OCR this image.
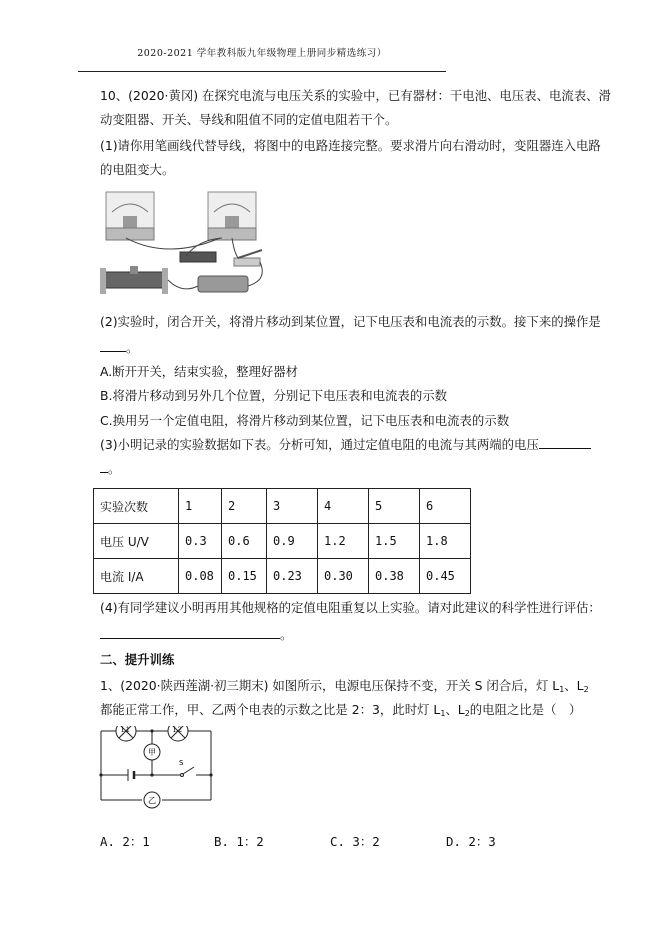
2020-2021 学年教科版九年级物理上册同步精选练习）
10、(2020·黄冈) 在探究电流与电压关系的实验中，已有器材：干电池、电压表、电流表、滑
动变阻器、开关、导线和阻值不同的定值电阻若干个。
(1)请你用笔画线代替导线，将图中的电路连接完整。要求滑片向右滑动时，变阻器连入电路
的电阻变大。
(2)实验时，闭合开关，将滑片移动到某位置，记下电压表和电流表的示数。接下来的操作是
。
A.断开开关，结束实验，整理好器材
B.将滑片移动到另外几个位置，分别记下电压表和电流表的示数
C.换用另一个定值电阻，将滑片移动到某位置，记下电压表和电流表的示数
(3)小明记录的实验数据如下表。分析可知，通过定值电阻的电流与其两端的电压
。
实验次数	1	2	3	4	5	6
电压 U/V	0.3	0.6	0.9	1.2	1.5	1.8
电流 I/A	0.08	0.15	0.23	0.30	0.38	0.45
(4)有同学建议小明再用其他规格的定值电阻重复以上实验。请对此建议的科学性进行评估：
。
二、提升训练
1、(2020·陕西莲湖·初三期末) 如图所示，电源电压保持不变，开关 S 闭合后，灯 $L_1$、$L_2$
都能正常工作，甲、乙两个电表的示数之比是 2：3，此时灯 $L_1$、$L_2$的电阻之比是（　）
甲
S
乙
L1	L2
A. 2：1	B. 1：2	C. 3：2	D. 2：3
